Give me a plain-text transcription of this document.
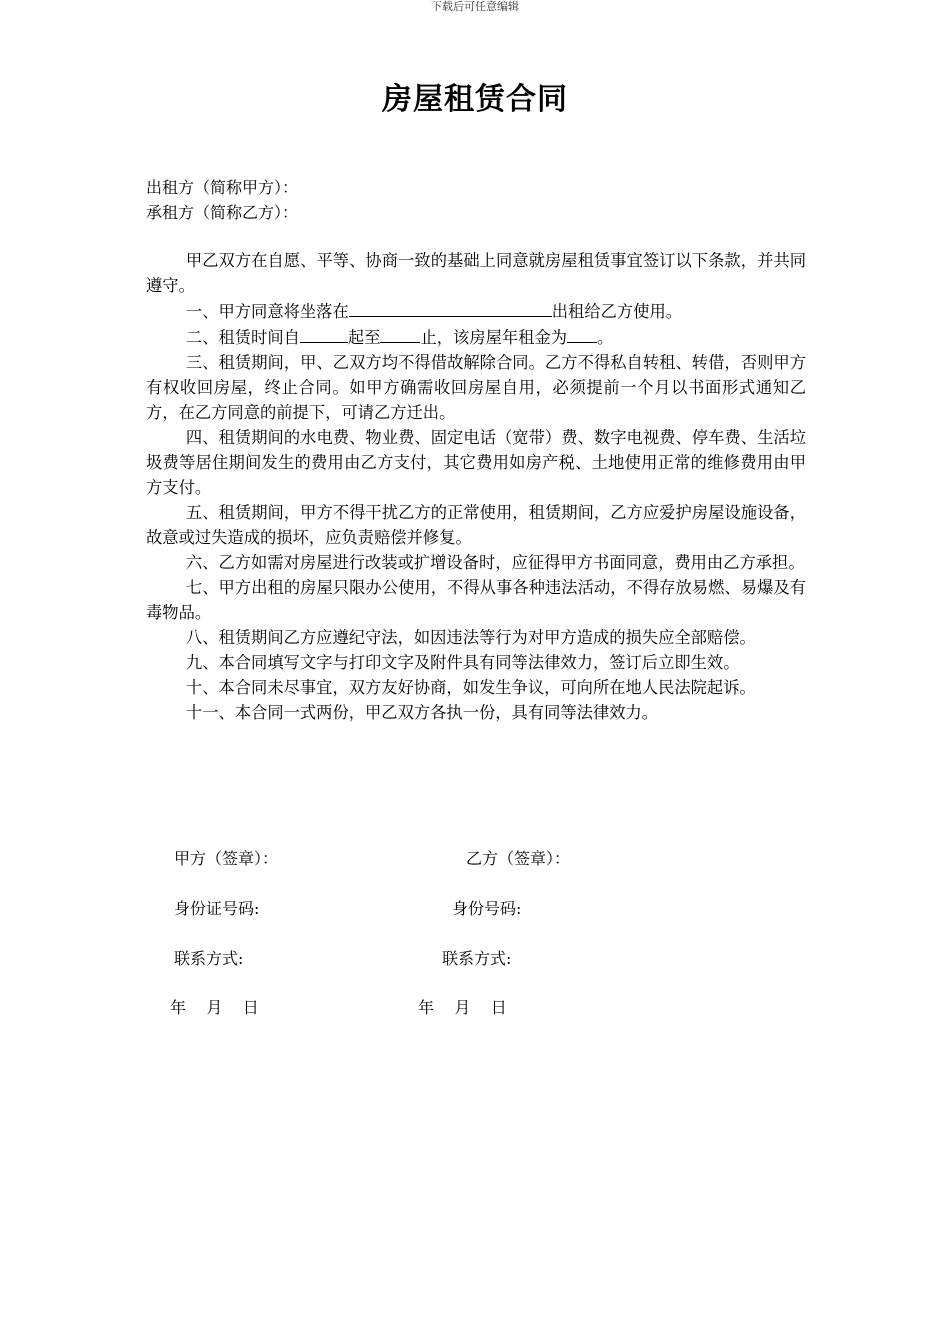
下载后可任意编辑
房屋租赁合同
出租方（简称甲方）：
承租方（简称乙方）：

甲乙双方在自愿、平等、协商一致的基础上同意就房屋租赁事宜签订以下条款，并共同遵守。

一、甲方同意将坐落在	出租给乙方使用。

二、租赁时间自	起至 止，该房屋年租金为 。

三、租赁期间，甲、乙双方均不得借故解除合同。乙方不得私自转租、转借，否则甲方有权收回房屋，终止合同。如甲方确需收回房屋自用，必须提前一个月以书面形式通知乙方，在乙方同意的前提下，可请乙方迁出。

四、租赁期间的水电费、物业费、固定电话（宽带）费、数字电视费、停车费、生活垃圾费等居住期间发生的费用由乙方支付，其它费用如房产税、土地使用正常的维修费用由甲方支付。

五、租赁期间，甲方不得干扰乙方的正常使用，租赁期间，乙方应爱护房屋设施设备，故意或过失造成的损坏，应负责赔偿并修复。

六、乙方如需对房屋进行改装或扩增设备时，应征得甲方书面同意，费用由乙方承担。

七、甲方出租的房屋只限办公使用，不得从事各种违法活动，不得存放易燃、易爆及有毒物品。

八、租赁期间乙方应遵纪守法，如因违法等行为对甲方造成的损失应全部赔偿。

九、本合同填写文字与打印文字及附件具有同等法律效力，签订后立即生效。

十、本合同未尽事宜，双方友好协商，如发生争议，可向所在地人民法院起诉。

十一、本合同一式两份，甲乙双方各执一份，具有同等法律效力。

甲方（签章）：	乙方（签章）：
身份证号码:	身份号码:
联系方式:	联系方式:
年    月    日	年    月    日
